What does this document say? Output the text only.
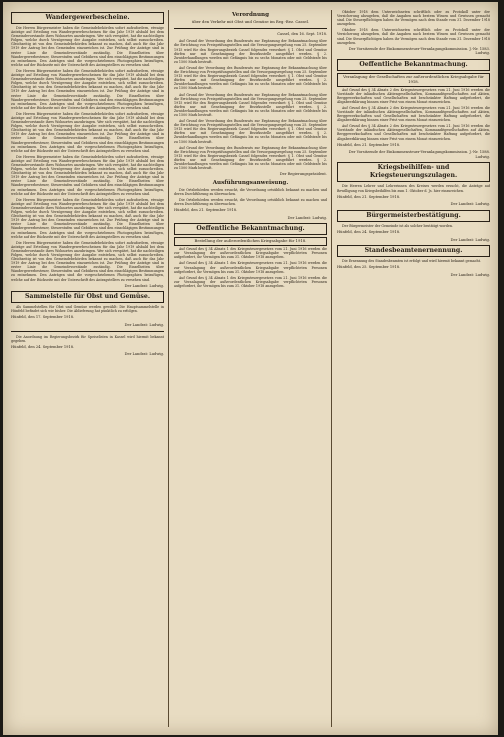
Wandergewerbescheine.

Die Herren Bürgermeister haben die Gemeindebehörden sofort aufzufordern, etwaige Anträge auf Erteilung von Wandergewerbescheinen für das Jahr 1919 alsbald bei dem Gemeindevorstande ihres Wohnortes anzubringen. Wer sich verspätet, hat die nachteiligen Folgen, welche durch Verzögerung der Ausgabe entstehen, sich selbst zuzuschreiben. Gleichzeitig ist von den Gemeindebehörden bekannt zu machen, daß auch für das Jahr 1919 der Antrag bei den Gemeinden einzureichen ist. Zur Prüfung der Anträge sind in erster Linie die Gemeindevorstände zuständig. Die Einzelheiten über Wandergewerbesteuer, Steuerstufen und Gebühren sind den einschlägigen Bestimmungen zu entnehmen. Den Anträgen sind die vorgeschriebenen Photographien beizufügen, welche auf der Rückseite mit der Unterschrift des Antragstellers zu versehen sind.

Die Herren Bürgermeister haben die Gemeindebehörden sofort aufzufordern, etwaige Anträge auf Erteilung von Wandergewerbescheinen für das Jahr 1919 alsbald bei dem Gemeindevorstande ihres Wohnortes anzubringen. Wer sich verspätet, hat die nachteiligen Folgen, welche durch Verzögerung der Ausgabe entstehen, sich selbst zuzuschreiben. Gleichzeitig ist von den Gemeindebehörden bekannt zu machen, daß auch für das Jahr 1919 der Antrag bei den Gemeinden einzureichen ist. Zur Prüfung der Anträge sind in erster Linie die Gemeindevorstände zuständig. Die Einzelheiten über Wandergewerbesteuer, Steuerstufen und Gebühren sind den einschlägigen Bestimmungen zu entnehmen. Den Anträgen sind die vorgeschriebenen Photographien beizufügen, welche auf der Rückseite mit der Unterschrift des Antragstellers zu versehen sind.

Die Herren Bürgermeister haben die Gemeindebehörden sofort aufzufordern, etwaige Anträge auf Erteilung von Wandergewerbescheinen für das Jahr 1919 alsbald bei dem Gemeindevorstande ihres Wohnortes anzubringen. Wer sich verspätet, hat die nachteiligen Folgen, welche durch Verzögerung der Ausgabe entstehen, sich selbst zuzuschreiben. Gleichzeitig ist von den Gemeindebehörden bekannt zu machen, daß auch für das Jahr 1919 der Antrag bei den Gemeinden einzureichen ist. Zur Prüfung der Anträge sind in erster Linie die Gemeindevorstände zuständig. Die Einzelheiten über Wandergewerbesteuer, Steuerstufen und Gebühren sind den einschlägigen Bestimmungen zu entnehmen. Den Anträgen sind die vorgeschriebenen Photographien beizufügen, welche auf der Rückseite mit der Unterschrift des Antragstellers zu versehen sind.

Die Herren Bürgermeister haben die Gemeindebehörden sofort aufzufordern, etwaige Anträge auf Erteilung von Wandergewerbescheinen für das Jahr 1919 alsbald bei dem Gemeindevorstande ihres Wohnortes anzubringen. Wer sich verspätet, hat die nachteiligen Folgen, welche durch Verzögerung der Ausgabe entstehen, sich selbst zuzuschreiben. Gleichzeitig ist von den Gemeindebehörden bekannt zu machen, daß auch für das Jahr 1919 der Antrag bei den Gemeinden einzureichen ist. Zur Prüfung der Anträge sind in erster Linie die Gemeindevorstände zuständig. Die Einzelheiten über Wandergewerbesteuer, Steuerstufen und Gebühren sind den einschlägigen Bestimmungen zu entnehmen. Den Anträgen sind die vorgeschriebenen Photographien beizufügen, welche auf der Rückseite mit der Unterschrift des Antragstellers zu versehen sind.

Die Herren Bürgermeister haben die Gemeindebehörden sofort aufzufordern, etwaige Anträge auf Erteilung von Wandergewerbescheinen für das Jahr 1919 alsbald bei dem Gemeindevorstande ihres Wohnortes anzubringen. Wer sich verspätet, hat die nachteiligen Folgen, welche durch Verzögerung der Ausgabe entstehen, sich selbst zuzuschreiben. Gleichzeitig ist von den Gemeindebehörden bekannt zu machen, daß auch für das Jahr 1919 der Antrag bei den Gemeinden einzureichen ist. Zur Prüfung der Anträge sind in erster Linie die Gemeindevorstände zuständig. Die Einzelheiten über Wandergewerbesteuer, Steuerstufen und Gebühren sind den einschlägigen Bestimmungen zu entnehmen. Den Anträgen sind die vorgeschriebenen Photographien beizufügen, welche auf der Rückseite mit der Unterschrift des Antragstellers zu versehen sind.

Die Herren Bürgermeister haben die Gemeindebehörden sofort aufzufordern, etwaige Anträge auf Erteilung von Wandergewerbescheinen für das Jahr 1919 alsbald bei dem Gemeindevorstande ihres Wohnortes anzubringen. Wer sich verspätet, hat die nachteiligen Folgen, welche durch Verzögerung der Ausgabe entstehen, sich selbst zuzuschreiben. Gleichzeitig ist von den Gemeindebehörden bekannt zu machen, daß auch für das Jahr 1919 der Antrag bei den Gemeinden einzureichen ist. Zur Prüfung der Anträge sind in erster Linie die Gemeindevorstände zuständig. Die Einzelheiten über Wandergewerbesteuer, Steuerstufen und Gebühren sind den einschlägigen Bestimmungen zu entnehmen. Den Anträgen sind die vorgeschriebenen Photographien beizufügen, welche auf der Rückseite mit der Unterschrift des Antragstellers zu versehen sind.

Der Landrat: Ludwig.
Sammelstelle für Obst und Gemüse.

Als Sammelstellen für Obst und Gemüse werden gewählt: Die Hauptsammelstelle in Hünfeld befindet sich wie bisher. Die Ablieferung hat pünktlich zu erfolgen.

Hünfeld, den 17. September 1918.
Der Landrat: Ludwig.

Die Anordnung im Regierungsbezirk für Speiselisten in Kassel wird hiermit bekannt gegeben.

Hünfeld, den 24. September 1918.
Der Landrat: Ludwig.
Verordnung
über den Verkehr mit Obst und Gemüse im Reg.-Bez. Cassel.
Cassel, den 16. Sept. 1918.

Auf Grund der Verordnung des Bundesrats zur Ergänzung der Bekanntmachung über die Errichtung von Preisprüfungsstellen und die Versorgungsregelung vom 25. September 1915 wird für den Regierungsbezirk Cassel folgendes verordnet: § 1. Obst und Gemüse dürfen nur mit Genehmigung der Bezirksstelle ausgeführt werden. § 2. Zuwiderhandlungen werden mit Gefängnis bis zu sechs Monaten oder mit Geldstrafe bis zu 1500 Mark bestraft.

Auf Grund der Verordnung des Bundesrats zur Ergänzung der Bekanntmachung über die Errichtung von Preisprüfungsstellen und die Versorgungsregelung vom 25. September 1915 wird für den Regierungsbezirk Cassel folgendes verordnet: § 1. Obst und Gemüse dürfen nur mit Genehmigung der Bezirksstelle ausgeführt werden. § 2. Zuwiderhandlungen werden mit Gefängnis bis zu sechs Monaten oder mit Geldstrafe bis zu 1500 Mark bestraft.

Auf Grund der Verordnung des Bundesrats zur Ergänzung der Bekanntmachung über die Errichtung von Preisprüfungsstellen und die Versorgungsregelung vom 25. September 1915 wird für den Regierungsbezirk Cassel folgendes verordnet: § 1. Obst und Gemüse dürfen nur mit Genehmigung der Bezirksstelle ausgeführt werden. § 2. Zuwiderhandlungen werden mit Gefängnis bis zu sechs Monaten oder mit Geldstrafe bis zu 1500 Mark bestraft.

Auf Grund der Verordnung des Bundesrats zur Ergänzung der Bekanntmachung über die Errichtung von Preisprüfungsstellen und die Versorgungsregelung vom 25. September 1915 wird für den Regierungsbezirk Cassel folgendes verordnet: § 1. Obst und Gemüse dürfen nur mit Genehmigung der Bezirksstelle ausgeführt werden. § 2. Zuwiderhandlungen werden mit Gefängnis bis zu sechs Monaten oder mit Geldstrafe bis zu 1500 Mark bestraft.

Auf Grund der Verordnung des Bundesrats zur Ergänzung der Bekanntmachung über die Errichtung von Preisprüfungsstellen und die Versorgungsregelung vom 25. September 1915 wird für den Regierungsbezirk Cassel folgendes verordnet: § 1. Obst und Gemüse dürfen nur mit Genehmigung der Bezirksstelle ausgeführt werden. § 2. Zuwiderhandlungen werden mit Gefängnis bis zu sechs Monaten oder mit Geldstrafe bis zu 1500 Mark bestraft.

Der Regierungspräsident.
Ausführungsanweisung.

Die Ortsbehörden werden ersucht, die Verordnung ortsüblich bekannt zu machen und deren Durchführung zu überwachen.

Die Ortsbehörden werden ersucht, die Verordnung ortsüblich bekannt zu machen und deren Durchführung zu überwachen.

Hünfeld, den 21. September 1918.
Der Landrat: Ludwig.
Oeffentliche Bekanntmachung.
Bestellung der außerordentlichen Kriegsabgabe für 1918.

Auf Grund des § 34 Absatz 1 des Kriegssteuergesetzes vom 21. Juni 1916 werden die zur Veranlagung der außerordentlichen Kriegsabgabe verpflichteten Personen aufgefordert, ihr Vermögen bis zum 31. Oktober 1918 anzugeben.

Auf Grund des § 34 Absatz 1 des Kriegssteuergesetzes vom 21. Juni 1916 werden die zur Veranlagung der außerordentlichen Kriegsabgabe verpflichteten Personen aufgefordert, ihr Vermögen bis zum 31. Oktober 1918 anzugeben.

Auf Grund des § 34 Absatz 1 des Kriegssteuergesetzes vom 21. Juni 1916 werden die zur Veranlagung der außerordentlichen Kriegsabgabe verpflichteten Personen aufgefordert, ihr Vermögen bis zum 31. Oktober 1918 anzugeben.

Oktober 1918 dem Unterzeichneten schriftlich oder zu Protokoll unter der Versicherung abzugeben, daß die Angaben nach bestem Wissen und Gewissen gemacht sind. Die Steuerpflichtigen haben ihr Vermögen nach dem Stande vom 31. Dezember 1918 anzugeben.

Oktober 1918 dem Unterzeichneten schriftlich oder zu Protokoll unter der Versicherung abzugeben, daß die Angaben nach bestem Wissen und Gewissen gemacht sind. Die Steuerpflichtigen haben ihr Vermögen nach dem Stande vom 31. Dezember 1918 anzugeben.

Der Vorsitzende der Einkommensteuer-Veranlagungskommission. J.-Nr. 1583. Ludwig.
Oeffentliche Bekanntmachung.
Veranlagung der Gesellschaften zur außerordentlichen Kriegsabgabe für 1918.

Auf Grund des § 34 Absatz 2 des Kriegssteuergesetzes vom 21. Juni 1916 werden die Vorstände der inländischen Aktiengesellschaften, Kommanditgesellschaften auf Aktien, Berggewerkschaften und Gesellschaften mit beschränkter Haftung aufgefordert, die Abgabeerklärung binnen einer Frist von einem Monat einzureichen.

Auf Grund des § 34 Absatz 2 des Kriegssteuergesetzes vom 21. Juni 1916 werden die Vorstände der inländischen Aktiengesellschaften, Kommanditgesellschaften auf Aktien, Berggewerkschaften und Gesellschaften mit beschränkter Haftung aufgefordert, die Abgabeerklärung binnen einer Frist von einem Monat einzureichen.

Auf Grund des § 34 Absatz 2 des Kriegssteuergesetzes vom 21. Juni 1916 werden die Vorstände der inländischen Aktiengesellschaften, Kommanditgesellschaften auf Aktien, Berggewerkschaften und Gesellschaften mit beschränkter Haftung aufgefordert, die Abgabeerklärung binnen einer Frist von einem Monat einzureichen.

Hünfeld, den 21. September 1918.
Der Vorsitzende der Einkommensteuer-Veranlagungskommission. J.-Nr. 1588. Ludwig.
Kriegsbeihilfen- und Kriegsteuerungszulagen.

Die Herren Lehrer und Lehrerinnen des Kreises werden ersucht, die Anträge auf Bewilligung von Kriegsbeihilfen bis zum 1. Oktober d. Js. hier einzureichen.

Hünfeld, den 21. September 1918.
Der Landrat: Ludwig.
Bürgermeisterbestätigung.

Der Bürgermeister der Gemeinde ist als solcher bestätigt worden.

Hünfeld, den 24. September 1918.
Der Landrat: Ludwig.
Standesbeamtenernennung.

Die Ernennung des Standesbeamten ist erfolgt und wird hiermit bekannt gemacht.

Hünfeld, den 25. September 1918.
Der Landrat: Ludwig.
